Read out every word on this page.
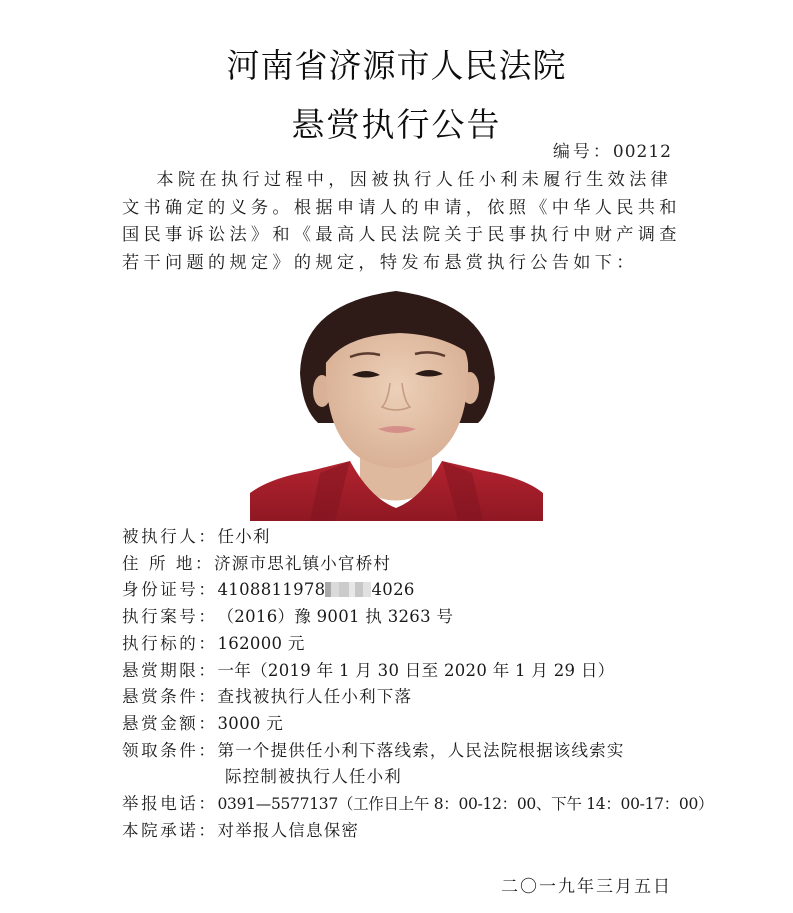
河南省济源市人民法院
悬赏执行公告
编号：00212

本院在执行过程中，因被执行人任小利未履行生效法律文书确定的义务。根据申请人的申请，依照《中华人民共和国民事诉讼法》和《最高人民法院关于民事执行中财产调查若干问题的规定》的规定，特发布悬赏执行公告如下：

被执行人： 任小利
住 所 地： 济源市思礼镇小官桥村
身份证号： 4108811978	4026
执行案号： （2016）豫 9001 执 3263 号
执行标的： 162000 元
悬赏期限： 一年（2019 年 1 月 30 日至 2020 年 1 月 29 日）
悬赏条件： 查找被执行人任小利下落
悬赏金额： 3000 元
领取条件： 第一个提供任小利下落线索，人民法院根据该线索实
际控制被执行人任小利
举报电话： 0391—5577137（工作日上午 8：00-12：00、下午 14：00-17：00）
本院承诺： 对举报人信息保密
二〇一九年三月五日
